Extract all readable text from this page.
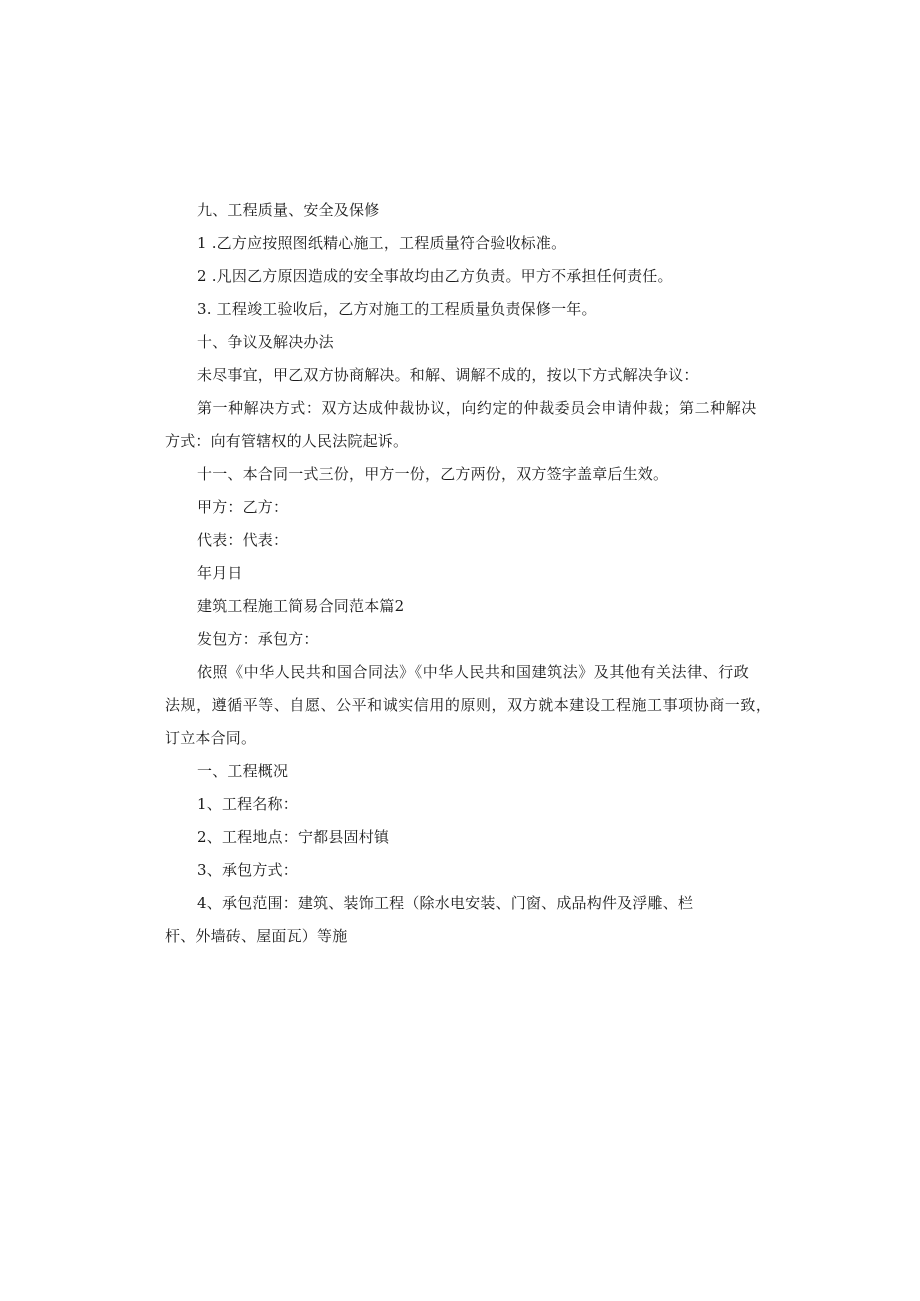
九、工程质量、安全及保修
1 .乙方应按照图纸精心施工，工程质量符合验收标准。
2 .凡因乙方原因造成的安全事故均由乙方负责。甲方不承担任何责任。
3. 工程竣工验收后，乙方对施工的工程质量负责保修一年。
十、争议及解决办法
未尽事宜，甲乙双方协商解决。和解、调解不成的，按以下方式解决争议：
第一种解决方式：双方达成仲裁协议，向约定的仲裁委员会申请仲裁；第二种解决
方式：向有管辖权的人民法院起诉。
十一、本合同一式三份，甲方一份，乙方两份，双方签字盖章后生效。
甲方：乙方：
代表：代表：
年月日
建筑工程施工简易合同范本篇2
发包方：承包方：
依照《中华人民共和国合同法》《中华人民共和国建筑法》及其他有关法律、行政
法规，遵循平等、自愿、公平和诚实信用的原则，双方就本建设工程施工事项协商一致，
订立本合同。
一、工程概况
1、工程名称：
2、工程地点：宁都县固村镇
3、承包方式：
4、承包范围：建筑、装饰工程（除水电安装、门窗、成品构件及浮雕、栏
杆、外墙砖、屋面瓦）等施
